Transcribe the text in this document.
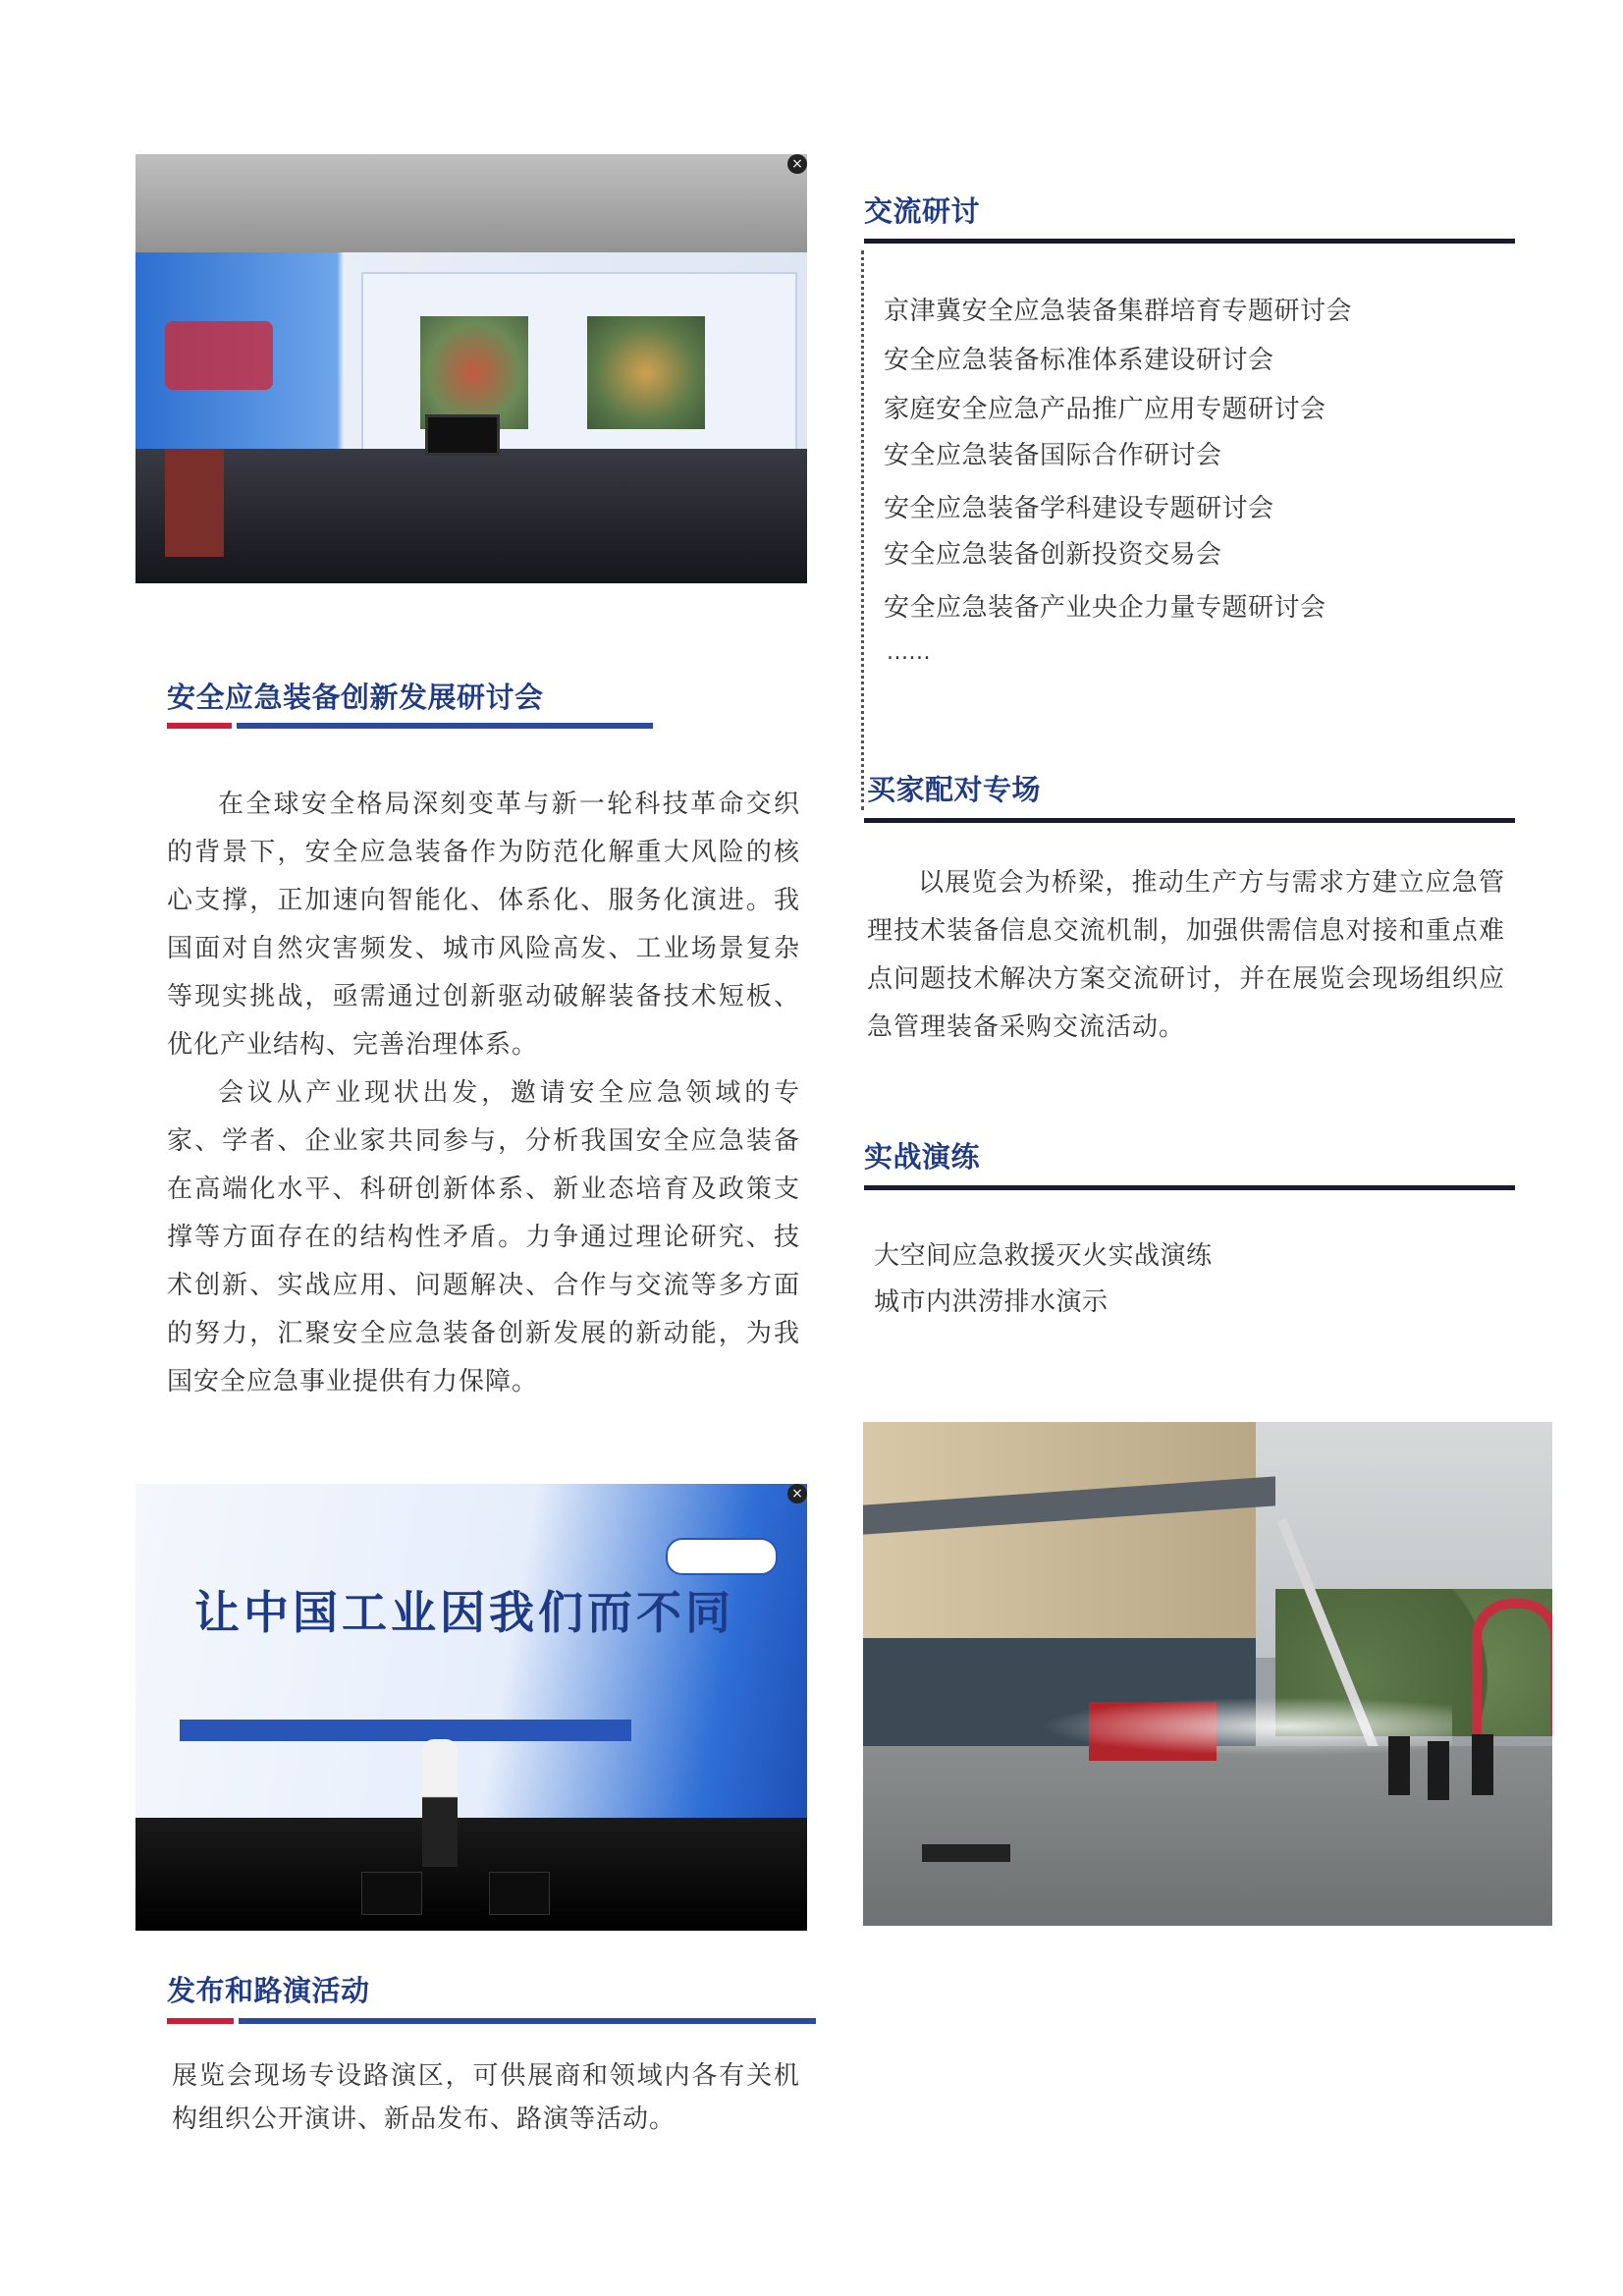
×
安全应急装备创新发展研讨会

在全球安全格局深刻变革与新一轮科技革命交织的背景下，安全应急装备作为防范化解重大风险的核心支撑，正加速向智能化、体系化、服务化演进。我国面对自然灾害频发、城市风险高发、工业场景复杂等现实挑战，亟需通过创新驱动破解装备技术短板、优化产业结构、完善治理体系。

会议从产业现状出发，邀请安全应急领域的专家、学者、企业家共同参与，分析我国安全应急装备在高端化水平、科研创新体系、新业态培育及政策支撑等方面存在的结构性矛盾。力争通过理论研究、技术创新、实战应用、问题解决、合作与交流等多方面的努力，汇聚安全应急装备创新发展的新动能，为我国安全应急事业提供有力保障。

让中国工业因我们而不同
×
发布和路演活动
展览会现场专设路演区，可供展商和领域内各有关机构组织公开演讲、新品发布、路演等活动。
交流研讨
京津冀安全应急装备集群培育专题研讨会
安全应急装备标准体系建设研讨会
家庭安全应急产品推广应用专题研讨会
安全应急装备国际合作研讨会
安全应急装备学科建设专题研讨会
安全应急装备创新投资交易会
安全应急装备产业央企力量专题研讨会
......
买家配对专场

以展览会为桥梁，推动生产方与需求方建立应急管理技术装备信息交流机制，加强供需信息对接和重点难点问题技术解决方案交流研讨，并在展览会现场组织应急管理装备采购交流活动。

实战演练
大空间应急救援灭火实战演练
城市内洪涝排水演示
